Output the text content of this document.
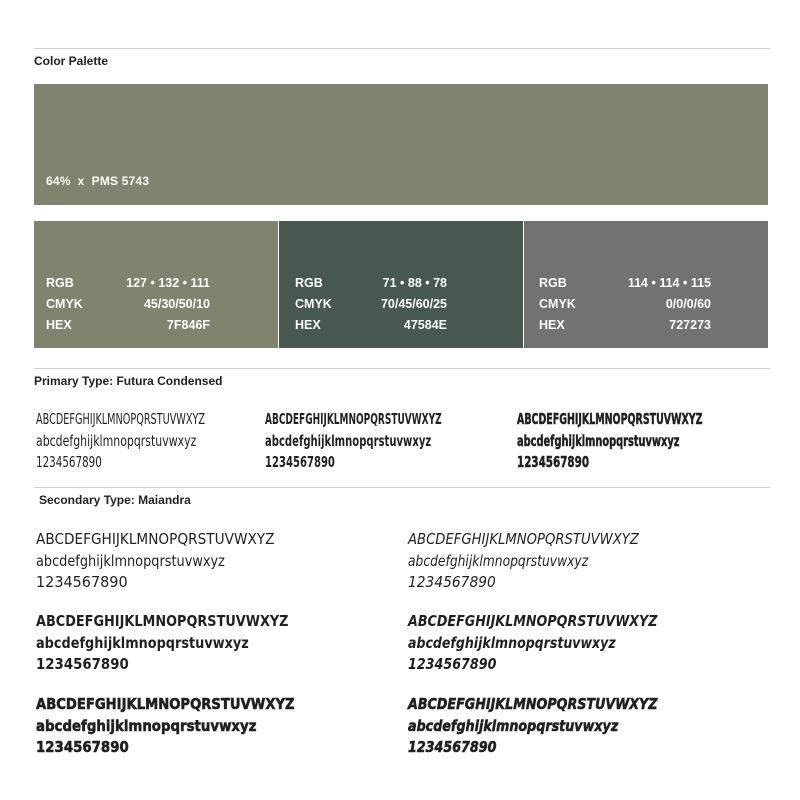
Color Palette
64%  x  PMS 5743
RGB	127 • 132 • 111
CMYK	45/30/50/10
HEX	7F846F
RGB	71 • 88 • 78
CMYK	70/45/60/25
HEX	47584E
RGB	114 • 114 • 115
CMYK	0/0/0/60
HEX	727273
Primary Type: Futura Condensed
ABCDEFGHIJKLMNOPQRSTUVWXYZ
abcdefghijklmnopqrstuvwxyz
1234567890
ABCDEFGHIJKLMNOPQRSTUVWXYZ
abcdefghijklmnopqrstuvwxyz
1234567890
ABCDEFGHIJKLMNOPQRSTUVWXYZ
abcdefghijklmnopqrstuvwxyz
1234567890
Secondary Type: Maiandra
ABCDEFGHIJKLMNOPQRSTUVWXYZ
abcdefghijklmnopqrstuvwxyz
1234567890
ABCDEFGHIJKLMNOPQRSTUVWXYZ
abcdefghijklmnopqrstuvwxyz
1234567890
ABCDEFGHIJKLMNOPQRSTUVWXYZ
abcdefghijklmnopqrstuvwxyz
1234567890
ABCDEFGHIJKLMNOPQRSTUVWXYZ
abcdefghijklmnopqrstuvwxyz
1234567890
ABCDEFGHIJKLMNOPQRSTUVWXYZ
abcdefghijklmnopqrstuvwxyz
1234567890
ABCDEFGHIJKLMNOPQRSTUVWXYZ
abcdefghijklmnopqrstuvwxyz
1234567890
